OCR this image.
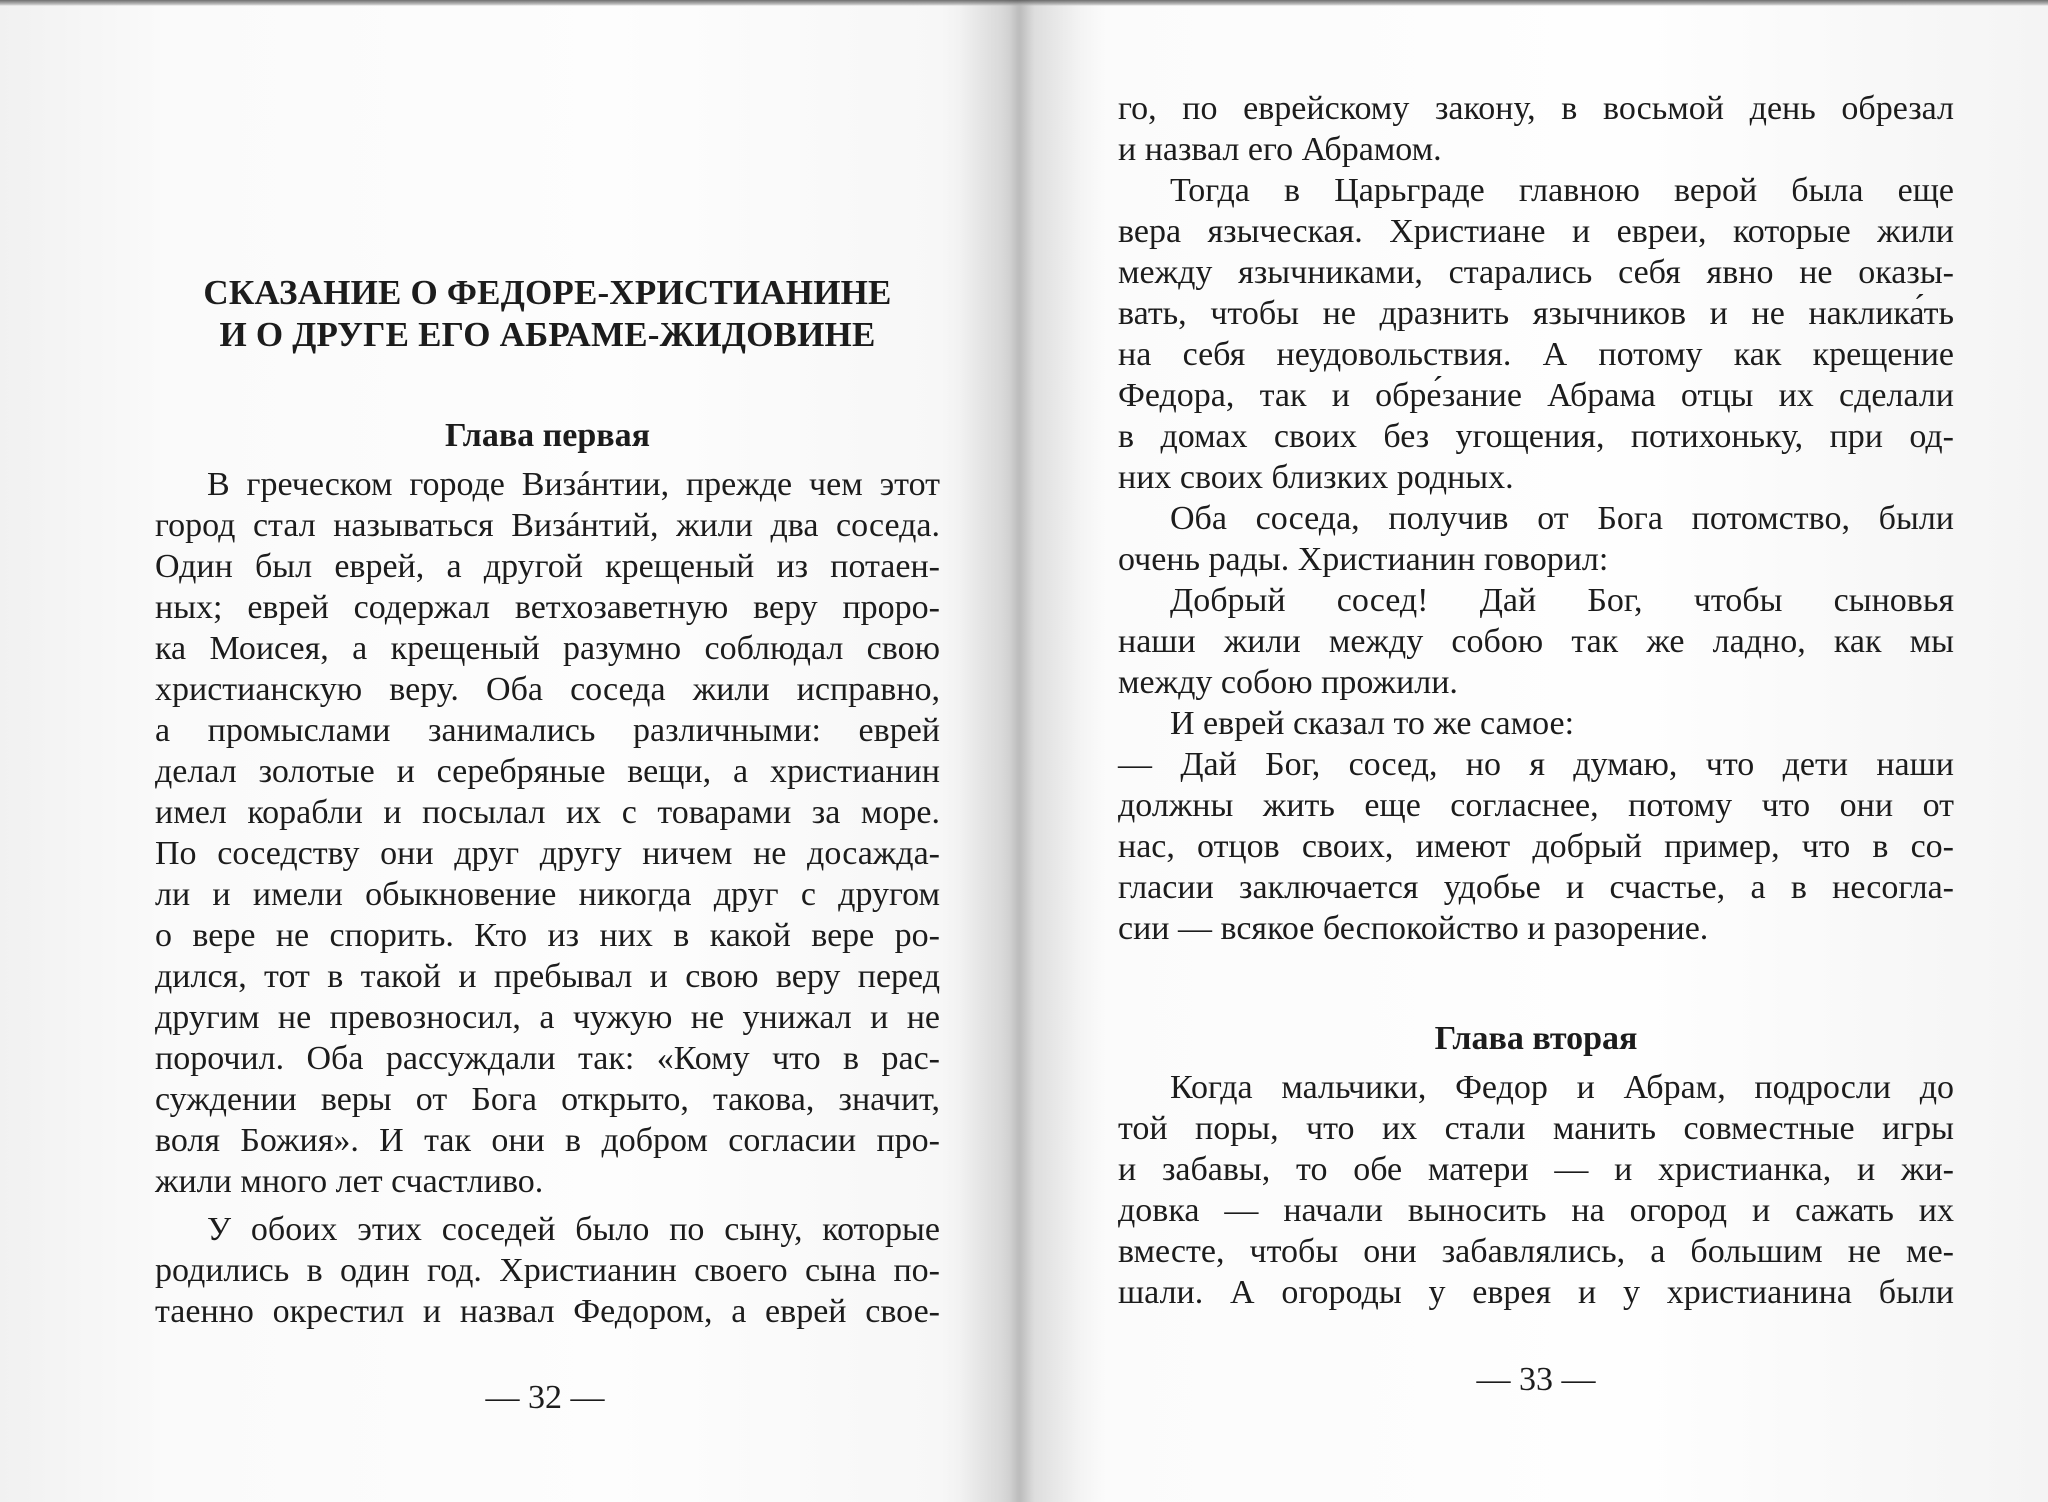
СКАЗАНИЕ О ФЕДОРЕ-ХРИСТИАНИНЕ
И О ДРУГЕ ЕГО АБРАМЕ-ЖИДОВИНЕ
Глава первая
В греческом городе Визáнтии, прежде чем этот
город стал называться Визáнтий, жили два соседа.
Один был еврей, а другой крещеный из потаен-
ных; еврей содержал ветхозаветную веру проро-
ка Моисея, а крещеный разумно соблюдал свою
христианскую веру. Оба соседа жили исправно,
а промыслами занимались различными: еврей
делал золотые и серебряные вещи, а христианин
имел корабли и посылал их с товарами за море.
По соседству они друг другу ничем не досажда-
ли и имели обыкновение никогда друг с другом
о вере не спорить. Кто из них в какой вере ро-
дился, тот в такой и пребывал и свою веру перед
другим не превозносил, а чужую не унижал и не
порочил. Оба рассуждали так: «Кому что в рас-
суждении веры от Бога открыто, такова, значит,
воля Божия». И так они в добром согласии про-
жили много лет счастливо.
У обоих этих соседей было по сыну, которые
родились в один год. Христианин своего сына по-
таенно окрестил и назвал Федором, а еврей свое-
— 32 —
го, по еврейскому закону, в восьмой день обрезал
и назвал его Абрамом.
Тогда в Царьграде главною верой была еще
вера языческая. Христиане и евреи, которые жили
между язычниками, старались себя явно не оказы-
вать, чтобы не дразнить язычников и не наклика́ть
на себя неудовольствия. А потому как крещение
Федора, так и обре́зание Абрама отцы их сделали
в домах своих без угощения, потихоньку, при од-
них своих близких родных.
Оба соседа, получив от Бога потомство, были
очень рады. Христианин говорил:
Добрый сосед! Дай Бог, чтобы сыновья
наши жили между собою так же ладно, как мы
между собою прожили.
И еврей сказал то же самое:
— Дай Бог, сосед, но я думаю, что дети наши
должны жить еще согласнее, потому что они от
нас, отцов своих, имеют добрый пример, что в со-
гласии заключается удобье и счастье, а в несогла-
сии — всякое беспокойство и разорение.
Глава вторая
Когда мальчики, Федор и Абрам, подросли до
той поры, что их стали манить совместные игры
и забавы, то обе матери — и христианка, и жи-
довка — начали выносить на огород и сажать их
вместе, чтобы они забавлялись, а большим не ме-
шали. А огороды у еврея и у христианина были
— 33 —
